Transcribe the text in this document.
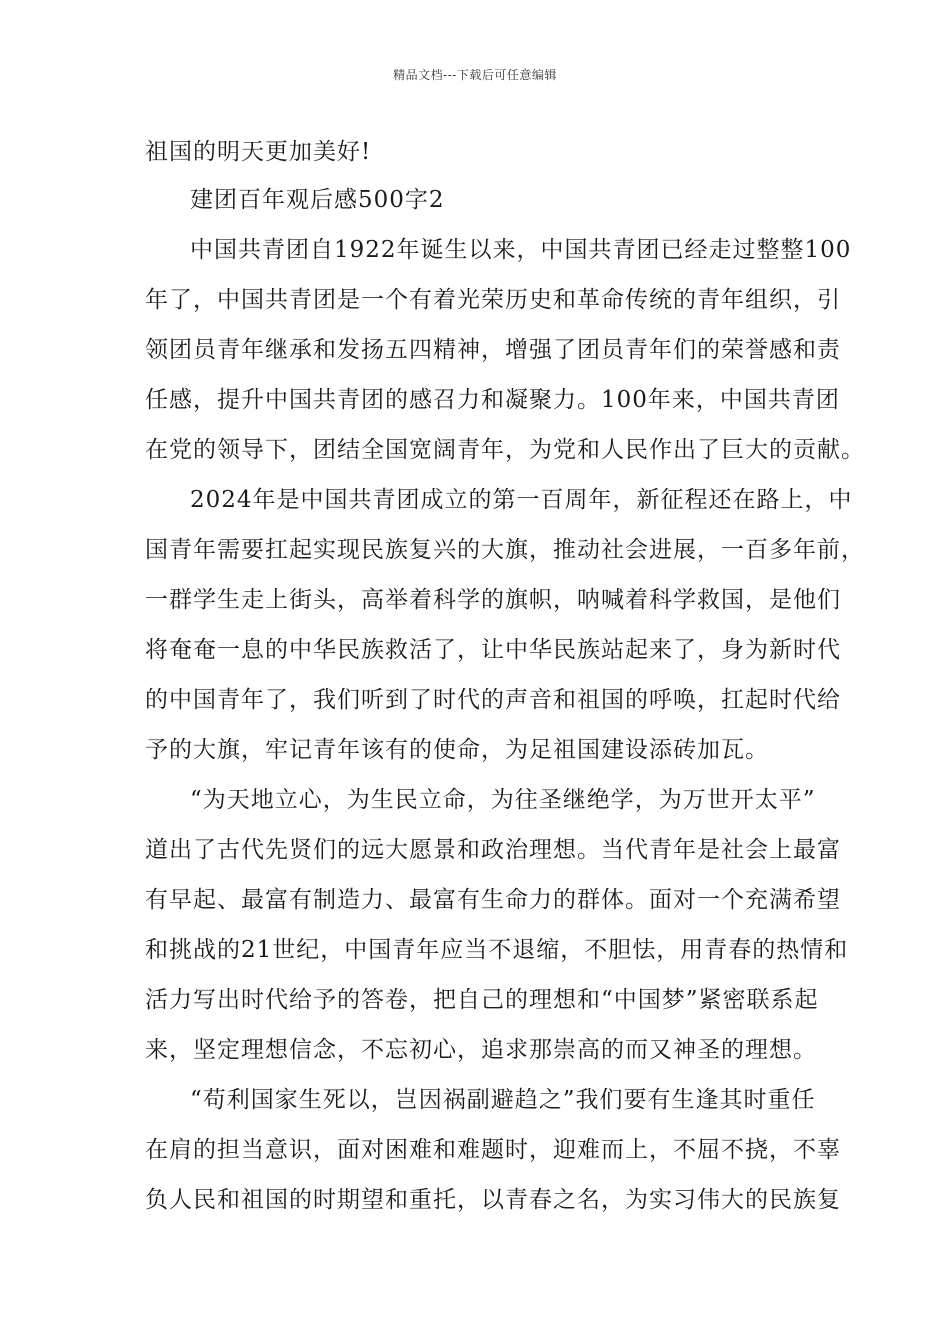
精品文档---下载后可任意编辑
祖国的明天更加美好!
建团百年观后感500字2
中国共青团自1922年诞生以来，中国共青团已经走过整整100
年了，中国共青团是一个有着光荣历史和革命传统的青年组织，引
领团员青年继承和发扬五四精神，增强了团员青年们的荣誉感和责
任感，提升中国共青团的感召力和凝聚力。100年来，中国共青团
在党的领导下，团结全国宽阔青年，为党和人民作出了巨大的贡献。
2024年是中国共青团成立的第一百周年，新征程还在路上，中
国青年需要扛起实现民族复兴的大旗，推动社会进展，一百多年前，
一群学生走上街头，高举着科学的旗帜，呐喊着科学救国，是他们
将奄奄一息的中华民族救活了，让中华民族站起来了，身为新时代
的中国青年了，我们听到了时代的声音和祖国的呼唤，扛起时代给
予的大旗，牢记青年该有的使命，为足祖国建设添砖加瓦。
“为天地立心，为生民立命，为往圣继绝学，为万世开太平”
道出了古代先贤们的远大愿景和政治理想。当代青年是社会上最富
有早起、最富有制造力、最富有生命力的群体。面对一个充满希望
和挑战的21世纪，中国青年应当不退缩，不胆怯，用青春的热情和
活力写出时代给予的答卷，把自己的理想和“中国梦”紧密联系起
来，坚定理想信念，不忘初心，追求那崇高的而又神圣的理想。
“苟利国家生死以，岂因祸副避趋之”我们要有生逢其时重任
在肩的担当意识，面对困难和难题时，迎难而上，不屈不挠，不辜
负人民和祖国的时期望和重托，以青春之名，为实习伟大的民族复
